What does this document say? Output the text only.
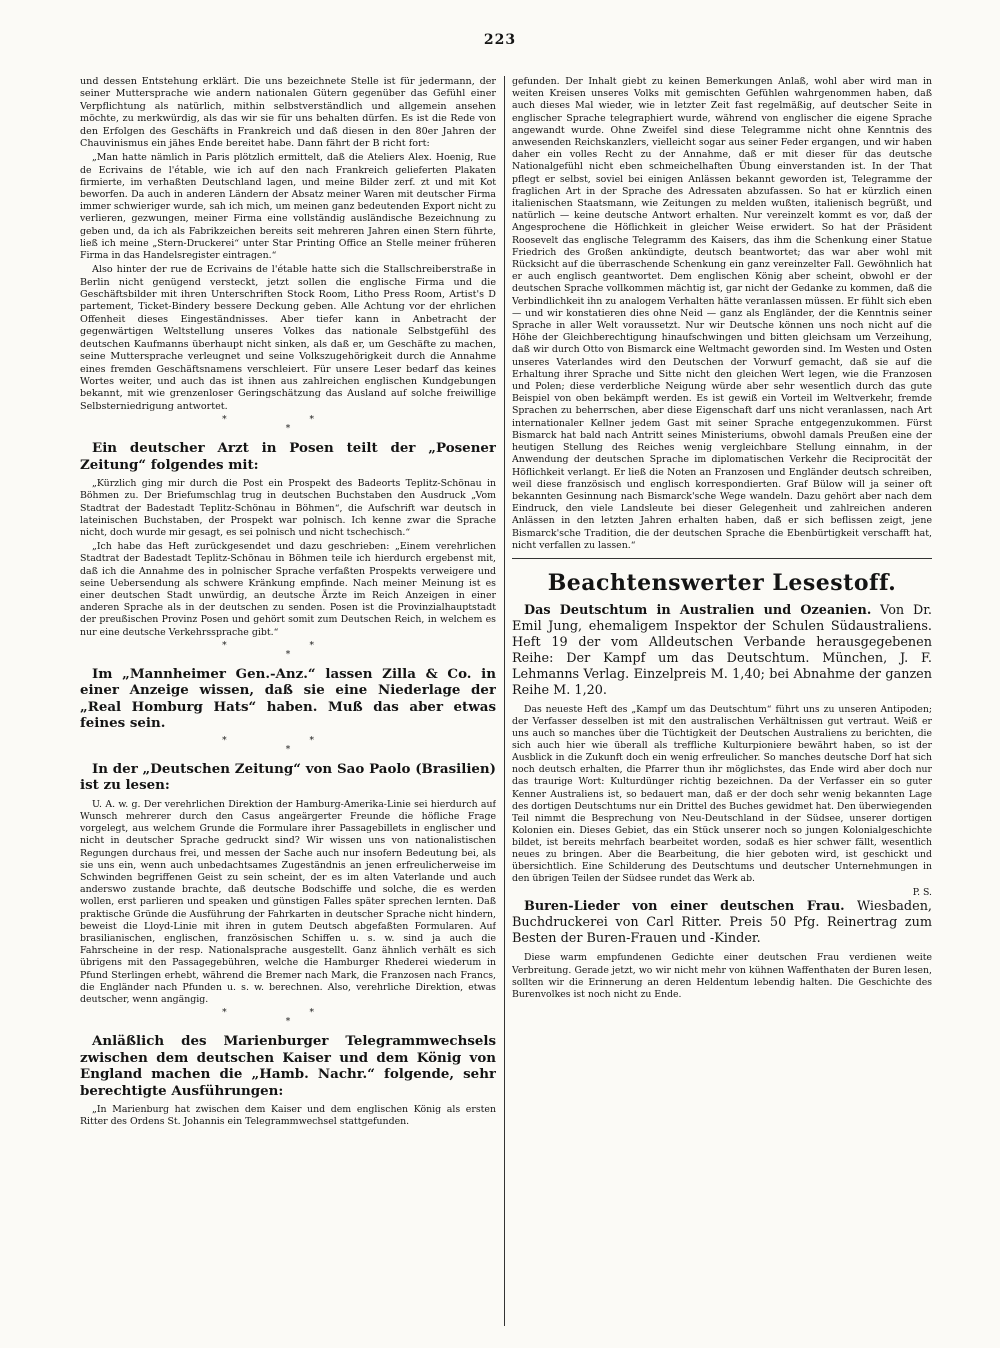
223

und dessen Entstehung erklärt. Die uns bezeichnete Stelle ist für jedermann, der seiner Muttersprache wie andern nationalen Gütern gegenüber das Gefühl einer Verpflichtung als natürlich, mithin selbstverständlich und allgemein ansehen möchte, zu merkwürdig, als das wir sie für uns behalten dürfen. Es ist die Rede von den Erfolgen des Geschäfts in Frankreich und daß diesen in den 80er Jahren der Chauvinismus ein jähes Ende bereitet habe. Dann fährt der B richt fort:

„Man hatte nämlich in Paris plötzlich ermittelt, daß die Ateliers Alex. Hoenig, Rue de Ecrivains de l'étable, wie ich auf den nach Frankreich gelieferten Plakaten firmierte, im verhaßten Deutschland lagen, und meine Bilder zerf. zt und mit Kot beworfen. Da auch in anderen Ländern der Absatz meiner Waren mit deutscher Firma immer schwieriger wurde, sah ich mich, um meinen ganz bedeutenden Export nicht zu verlieren, gezwungen, meiner Firma eine vollständig ausländische Bezeichnung zu geben und, da ich als Fabrikzeichen bereits seit mehreren Jahren einen Stern führte, ließ ich meine „Stern-Druckerei“ unter Star Printing Office an Stelle meiner früheren Firma in das Handelsregister eintragen.“

Also hinter der rue de Ecrivains de l'étable hatte sich die Stallschreiberstraße in Berlin nicht genügend versteckt, jetzt sollen die englische Firma und die Geschäftsbilder mit ihren Unterschriften Stock Room, Litho Press Room, Artist's D partement, Ticket-Bindery bessere Deckung geben. Alle Achtung vor der ehrlichen Offenheit dieses Eingeständnisses. Aber tiefer kann in Anbetracht der gegenwärtigen Weltstellung unseres Volkes das nationale Selbstgefühl des deutschen Kaufmanns überhaupt nicht sinken, als daß er, um Geschäfte zu machen, seine Muttersprache verleugnet und seine Volkszugehörigkeit durch die Annahme eines fremden Geschäftsnamens verschleiert. Für unsere Leser bedarf das keines Wortes weiter, und auch das ist ihnen aus zahlreichen englischen Kundgebungen bekannt, mit wie grenzenloser Geringschätzung das Ausland auf solche freiwillige Selbsterniedrigung antwortet.

*	*
*
Ein deutscher Arzt in Posen teilt der „Posener Zeitung“ folgendes mit:

„Kürzlich ging mir durch die Post ein Prospekt des Badeorts Teplitz-Schönau in Böhmen zu. Der Briefumschlag trug in deutschen Buchstaben den Ausdruck „Vom Stadtrat der Badestadt Teplitz-Schönau in Böhmen“, die Aufschrift war deutsch in lateinischen Buchstaben, der Prospekt war polnisch. Ich kenne zwar die Sprache nicht, doch wurde mir gesagt, es sei polnisch und nicht tschechisch.“

„Ich habe das Heft zurückgesendet und dazu geschrieben: „Einem verehrlichen Stadtrat der Badestadt Teplitz-Schönau in Böhmen teile ich hierdurch ergebenst mit, daß ich die Annahme des in polnischer Sprache verfaßten Prospekts verweigere und seine Uebersendung als schwere Kränkung empfinde. Nach meiner Meinung ist es einer deutschen Stadt unwürdig, an deutsche Ärzte im Reich Anzeigen in einer anderen Sprache als in der deutschen zu senden. Posen ist die Provinzialhauptstadt der preußischen Provinz Posen und gehört somit zum Deutschen Reich, in welchem es nur eine deutsche Verkehrssprache gibt.“

*	*
*
Im „Mannheimer Gen.-Anz.“ lassen Zilla & Co. in einer Anzeige wissen, daß sie eine Niederlage der „Real Homburg Hats“ haben. Muß das aber etwas feines sein.
*	*
*
In der „Deutschen Zeitung“ von Sao Paolo (Brasilien) ist zu lesen:

U. A. w. g. Der verehrlichen Direktion der Hamburg-Amerika-Linie sei hierdurch auf Wunsch mehrerer durch den Casus angeärgerter Freunde die höfliche Frage vorgelegt, aus welchem Grunde die Formulare ihrer Passagebillets in englischer und nicht in deutscher Sprache gedruckt sind? Wir wissen uns von nationalistischen Regungen durchaus frei, und messen der Sache auch nur insofern Bedeutung bei, als sie uns ein, wenn auch unbedachtsames Zugeständnis an jenen erfreulicherweise im Schwinden begriffenen Geist zu sein scheint, der es im alten Vaterlande und auch anderswo zustande brachte, daß deutsche Bodschiffe und solche, die es werden wollen, erst parlieren und speaken und günstigen Falles später sprechen lernten. Daß praktische Gründe die Ausführung der Fahrkarten in deutscher Sprache nicht hindern, beweist die Lloyd-Linie mit ihren in gutem Deutsch abgefaßten Formularen. Auf brasilianischen, englischen, französischen Schiffen u. s. w. sind ja auch die Fahrscheine in der resp. Nationalsprache ausgestellt. Ganz ähnlich verhält es sich übrigens mit den Passagegebühren, welche die Hamburger Rhederei wiederum in Pfund Sterlingen erhebt, während die Bremer nach Mark, die Franzosen nach Francs, die Engländer nach Pfunden u. s. w. berechnen. Also, verehrliche Direktion, etwas deutscher, wenn angängig.

*	*
*
Anläßlich des Marienburger Telegrammwechsels zwischen dem deutschen Kaiser und dem König von England machen die „Hamb. Nachr.“ folgende, sehr berechtigte Ausführungen:

„In Marienburg hat zwischen dem Kaiser und dem englischen König als ersten Ritter des Ordens St. Johannis ein Telegrammwechsel stattgefunden.

gefunden. Der Inhalt giebt zu keinen Bemerkungen Anlaß, wohl aber wird man in weiten Kreisen unseres Volks mit gemischten Gefühlen wahrgenommen haben, daß auch dieses Mal wieder, wie in letzter Zeit fast regelmäßig, auf deutscher Seite in englischer Sprache telegraphiert wurde, während von englischer die eigene Sprache angewandt wurde. Ohne Zweifel sind diese Telegramme nicht ohne Kenntnis des anwesenden Reichskanzlers, vielleicht sogar aus seiner Feder ergangen, und wir haben daher ein volles Recht zu der Annahme, daß er mit dieser für das deutsche Nationalgefühl nicht eben schmeichelhaften Übung einverstanden ist. In der That pflegt er selbst, soviel bei einigen Anlässen bekannt geworden ist, Telegramme der fraglichen Art in der Sprache des Adressaten abzufassen. So hat er kürzlich einen italienischen Staatsmann, wie Zeitungen zu melden wußten, italienisch begrüßt, und natürlich — keine deutsche Antwort erhalten. Nur vereinzelt kommt es vor, daß der Angesprochene die Höflichkeit in gleicher Weise erwidert. So hat der Präsident Roosevelt das englische Telegramm des Kaisers, das ihm die Schenkung einer Statue Friedrich des Großen ankündigte, deutsch beantwortet; das war aber wohl mit Rücksicht auf die überraschende Schenkung ein ganz vereinzelter Fall. Gewöhnlich hat er auch englisch geantwortet. Dem englischen König aber scheint, obwohl er der deutschen Sprache vollkommen mächtig ist, gar nicht der Gedanke zu kommen, daß die Verbindlichkeit ihn zu analogem Verhalten hätte veranlassen müssen. Er fühlt sich eben — und wir konstatieren dies ohne Neid — ganz als Engländer, der die Kenntnis seiner Sprache in aller Welt voraussetzt. Nur wir Deutsche können uns noch nicht auf die Höhe der Gleichberechtigung hinaufschwingen und bitten gleichsam um Verzeihung, daß wir durch Otto von Bismarck eine Weltmacht geworden sind. Im Westen und Osten unseres Vaterlandes wird den Deutschen der Vorwurf gemacht, daß sie auf die Erhaltung ihrer Sprache und Sitte nicht den gleichen Wert legen, wie die Franzosen und Polen; diese verderbliche Neigung würde aber sehr wesentlich durch das gute Beispiel von oben bekämpft werden. Es ist gewiß ein Vorteil im Weltverkehr, fremde Sprachen zu beherrschen, aber diese Eigenschaft darf uns nicht veranlassen, nach Art internationaler Kellner jedem Gast mit seiner Sprache entgegenzukommen. Fürst Bismarck hat bald nach Antritt seines Ministeriums, obwohl damals Preußen eine der heutigen Stellung des Reiches wenig vergleichbare Stellung einnahm, in der Anwendung der deutschen Sprache im diplomatischen Verkehr die Reciprocität der Höflichkeit verlangt. Er ließ die Noten an Franzosen und Engländer deutsch schreiben, weil diese französisch und englisch korrespondierten. Graf Bülow will ja seiner oft bekannten Gesinnung nach Bismarck'sche Wege wandeln. Dazu gehört aber nach dem Eindruck, den viele Landsleute bei dieser Gelegenheit und zahlreichen anderen Anlässen in den letzten Jahren erhalten haben, daß er sich beflissen zeigt, jene Bismarck'sche Tradition, die der deutschen Sprache die Ebenbürtigkeit verschafft hat, nicht verfallen zu lassen.“

Beachtenswerter Lesestoff.
Das Deutschtum in Australien und Ozeanien. Von Dr. Emil Jung, ehemaligem Inspektor der Schulen Südaustraliens. Heft 19 der vom Alldeutschen Verbande herausgegebenen Reihe: Der Kampf um das Deutschtum. München, J. F. Lehmanns Verlag. Einzelpreis M. 1,40; bei Abnahme der ganzen Reihe M. 1,20.

Das neueste Heft des „Kampf um das Deutschtum“ führt uns zu unseren Antipoden; der Verfasser desselben ist mit den australischen Verhältnissen gut vertraut. Weiß er uns auch so manches über die Tüchtigkeit der Deutschen Australiens zu berichten, die sich auch hier wie überall als treffliche Kulturpioniere bewährt haben, so ist der Ausblick in die Zukunft doch ein wenig erfreulicher. So manches deutsche Dorf hat sich noch deutsch erhalten, die Pfarrer thun ihr möglichstes, das Ende wird aber doch nur das traurige Wort: Kulturdünger richtig bezeichnen. Da der Verfasser ein so guter Kenner Australiens ist, so bedauert man, daß er der doch sehr wenig bekannten Lage des dortigen Deutschtums nur ein Drittel des Buches gewidmet hat. Den überwiegenden Teil nimmt die Besprechung von Neu-Deutschland in der Südsee, unserer dortigen Kolonien ein. Dieses Gebiet, das ein Stück unserer noch so jungen Kolonialgeschichte bildet, ist bereits mehrfach bearbeitet worden, sodaß es hier schwer fällt, wesentlich neues zu bringen. Aber die Bearbeitung, die hier geboten wird, ist geschickt und übersichtlich. Eine Schilderung des Deutschtums und deutscher Unternehmungen in den übrigen Teilen der Südsee rundet das Werk ab.

P. S.
Buren-Lieder von einer deutschen Frau. Wiesbaden, Buchdruckerei von Carl Ritter. Preis 50 Pfg. Reinertrag zum Besten der Buren-Frauen und -Kinder.

Diese warm empfundenen Gedichte einer deutschen Frau verdienen weite Verbreitung. Gerade jetzt, wo wir nicht mehr von kühnen Waffenthaten der Buren lesen, sollten wir die Erinnerung an deren Heldentum lebendig halten. Die Geschichte des Burenvolkes ist noch nicht zu Ende.
